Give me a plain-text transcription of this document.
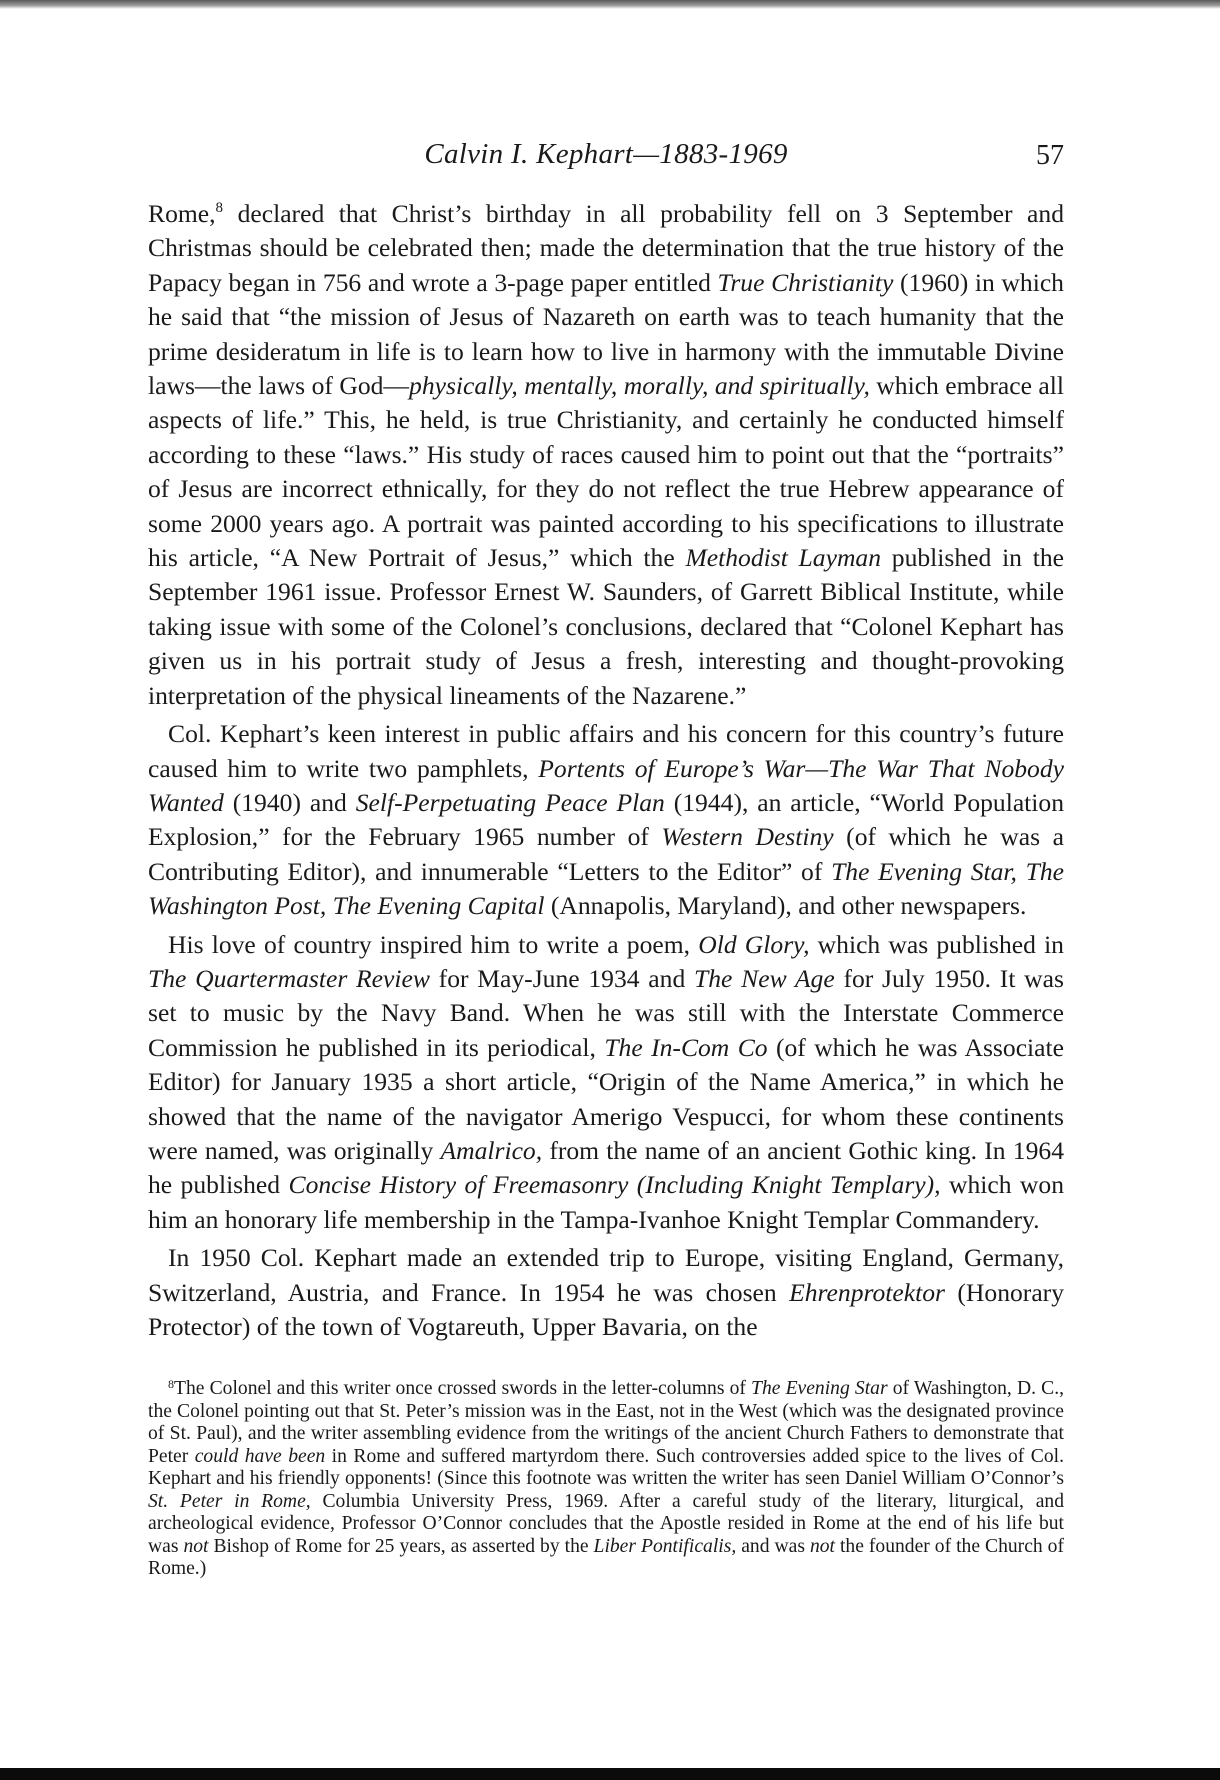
Calvin I. Kephart—1883-1969	57

Rome,$^8$ declared that Christ’s birthday in all probability fell on 3 September and Christmas should be celebrated then; made the determination that the true history of the Papacy began in 756 and wrote a 3-page paper entitled True Christianity (1960) in which he said that “the mission of Jesus of Nazareth on earth was to teach humanity that the prime desideratum in life is to learn how to live in harmony with the immutable Divine laws—the laws of God—physically, mentally, morally, and spiritually, which embrace all aspects of life.” This, he held, is true Christianity, and certainly he conducted himself according to these “laws.” His study of races caused him to point out that the “portraits” of Jesus are incorrect ethnically, for they do not reflect the true Hebrew appearance of some 2000 years ago. A portrait was painted according to his specifications to illustrate his article, “A New Portrait of Jesus,” which the Methodist Layman published in the September 1961 issue. Professor Ernest W. Saunders, of Garrett Biblical Institute, while taking issue with some of the Colonel’s conclusions, declared that “Colonel Kephart has given us in his portrait study of Jesus a fresh, interesting and thought-provoking interpretation of the physical lineaments of the Nazarene.”

Col. Kephart’s keen interest in public affairs and his concern for this country’s future caused him to write two pamphlets, Portents of Europe’s War—The War That Nobody Wanted (1940) and Self-Perpetuating Peace Plan (1944), an article, “World Population Explosion,” for the February 1965 number of Western Destiny (of which he was a Contributing Editor), and innumerable “Letters to the Editor” of The Evening Star, The Washington Post, The Evening Capital (Annapolis, Maryland), and other newspapers.

His love of country inspired him to write a poem, Old Glory, which was published in The Quartermaster Review for May-June 1934 and The New Age for July 1950. It was set to music by the Navy Band. When he was still with the Interstate Commerce Commission he published in its periodical, The In-Com Co (of which he was Associate Editor) for January 1935 a short article, “Origin of the Name America,” in which he showed that the name of the navigator Amerigo Vespucci, for whom these continents were named, was originally Amalrico, from the name of an ancient Gothic king. In 1964 he published Concise History of Freemasonry (Including Knight Templary), which won him an honorary life membership in the Tampa-Ivanhoe Knight Templar Commandery.

In 1950 Col. Kephart made an extended trip to Europe, visiting England, Germany, Switzerland, Austria, and France. In 1954 he was chosen Ehrenprotektor (Honorary Protector) of the town of Vogtareuth, Upper Bavaria, on the

$^8$The Colonel and this writer once crossed swords in the letter-columns of The Evening Star of Washington, D. C., the Colonel pointing out that St. Peter’s mission was in the East, not in the West (which was the designated province of St. Paul), and the writer assembling evidence from the writings of the ancient Church Fathers to demonstrate that Peter could have been in Rome and suffered martyrdom there. Such controversies added spice to the lives of Col. Kephart and his friendly opponents! (Since this footnote was written the writer has seen Daniel William O’Connor’s St. Peter in Rome, Columbia University Press, 1969. After a careful study of the literary, liturgical, and archeological evidence, Professor O’Connor concludes that the Apostle resided in Rome at the end of his life but was not Bishop of Rome for 25 years, as asserted by the Liber Pontificalis, and was not the founder of the Church of Rome.)
